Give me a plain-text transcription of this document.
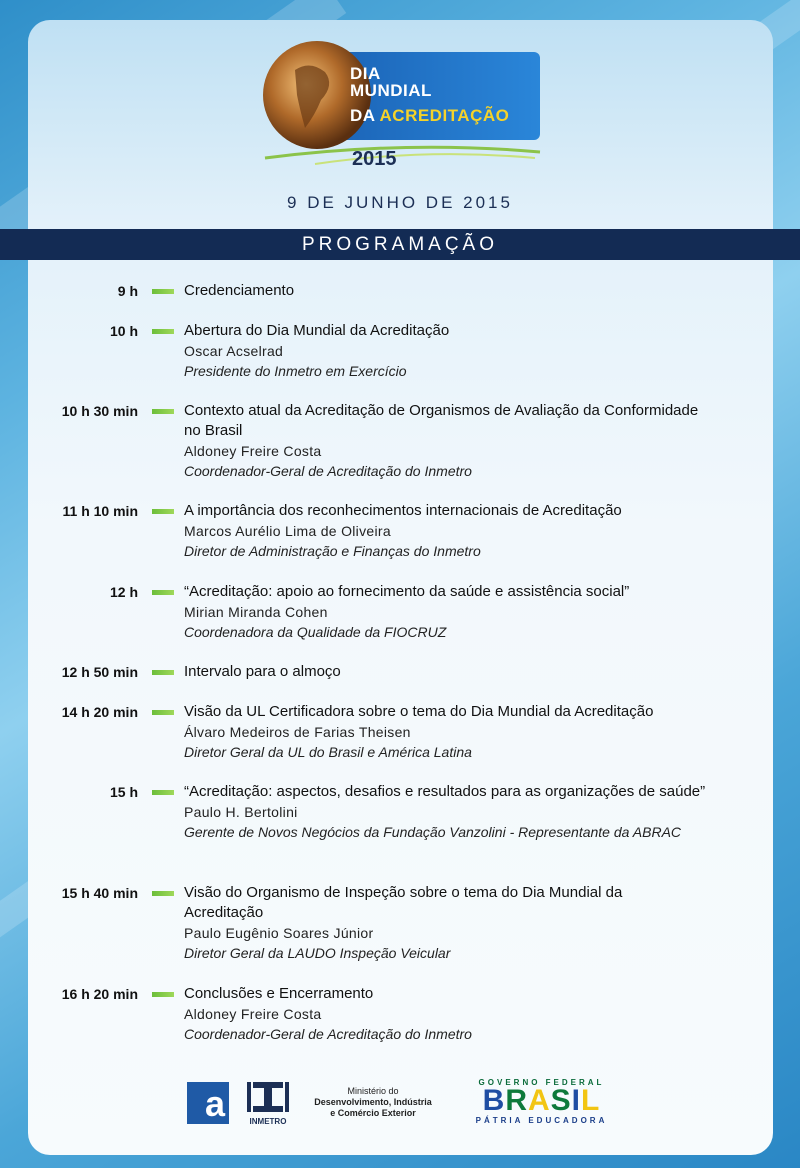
DIA
MUNDIAL
DA ACREDITAÇÃO
2015
9 DE JUNHO DE 2015
PROGRAMAÇÃO
9 h	Credenciamento
10 h	Abertura do Dia Mundial da Acreditação
Oscar Acselrad
Presidente do Inmetro em Exercício
10 h 30 min	Contexto atual da Acreditação de Organismos de Avaliação da Conformidade no Brasil
Aldoney Freire Costa
Coordenador-Geral de Acreditação do Inmetro
11 h 10 min	A importância dos reconhecimentos internacionais de Acreditação
Marcos Aurélio Lima de Oliveira
Diretor de Administração e Finanças do Inmetro
12 h	“Acreditação: apoio ao fornecimento da saúde e assistência social”
Mirian Miranda Cohen
Coordenadora da Qualidade da FIOCRUZ
12 h 50 min	Intervalo para o almoço
14 h 20 min	Visão da UL Certificadora sobre o tema do Dia Mundial da Acreditação
Álvaro Medeiros de Farias Theisen
Diretor Geral da UL do Brasil e América Latina
15 h	“Acreditação: aspectos, desafios e resultados para as organizações de saúde”
Paulo H. Bertolini
Gerente de Novos Negócios da Fundação Vanzolini - Representante da ABRAC
15 h 40 min	Visão do Organismo de Inspeção sobre o tema do Dia Mundial da Acreditação
Paulo Eugênio Soares Júnior
Diretor Geral da LAUDO Inspeção Veicular
16 h 20 min	Conclusões e Encerramento
Aldoney Freire Costa
Coordenador-Geral de Acreditação do Inmetro
a	INMETRO
Ministério do
Desenvolvimento, Indústria
e Comércio Exterior
GOVERNO FEDERAL
BRASIL
PÁTRIA EDUCADORA
